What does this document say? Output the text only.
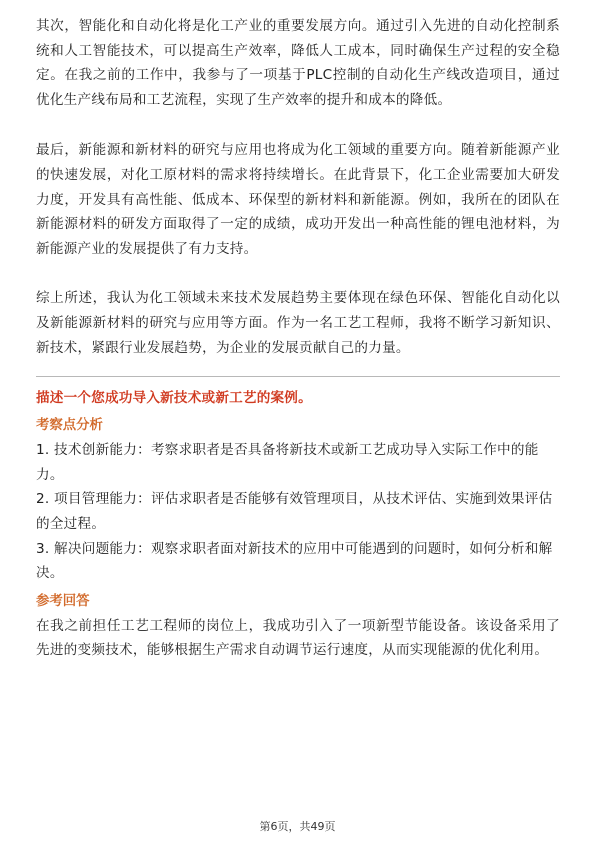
其次，智能化和自动化将是化工产业的重要发展方向。通过引入先进的自动化控制系统和人工智能技术，可以提高生产效率，降低人工成本，同时确保生产过程的安全稳定。在我之前的工作中，我参与了一项基于PLC控制的自动化生产线改造项目，通过优化生产线布局和工艺流程，实现了生产效率的提升和成本的降低。

最后，新能源和新材料的研究与应用也将成为化工领域的重要方向。随着新能源产业的快速发展，对化工原材料的需求将持续增长。在此背景下，化工企业需要加大研发力度，开发具有高性能、低成本、环保型的新材料和新能源。例如，我所在的团队在新能源材料的研发方面取得了一定的成绩，成功开发出一种高性能的锂电池材料，为新能源产业的发展提供了有力支持。

综上所述，我认为化工领域未来技术发展趋势主要体现在绿色环保、智能化自动化以及新能源新材料的研究与应用等方面。作为一名工艺工程师，我将不断学习新知识、新技术，紧跟行业发展趋势，为企业的发展贡献自己的力量。

描述一个您成功导入新技术或新工艺的案例。

考察点分析

1. 技术创新能力：考察求职者是否具备将新技术或新工艺成功导入实际工作中的能力。

2. 项目管理能力：评估求职者是否能够有效管理项目，从技术评估、实施到效果评估的全过程。

3. 解决问题能力：观察求职者面对新技术的应用中可能遇到的问题时，如何分析和解决。

参考回答

在我之前担任工艺工程师的岗位上，我成功引入了一项新型节能设备。该设备采用了先进的变频技术，能够根据生产需求自动调节运行速度，从而实现能源的优化利用。

第6页，共49页
